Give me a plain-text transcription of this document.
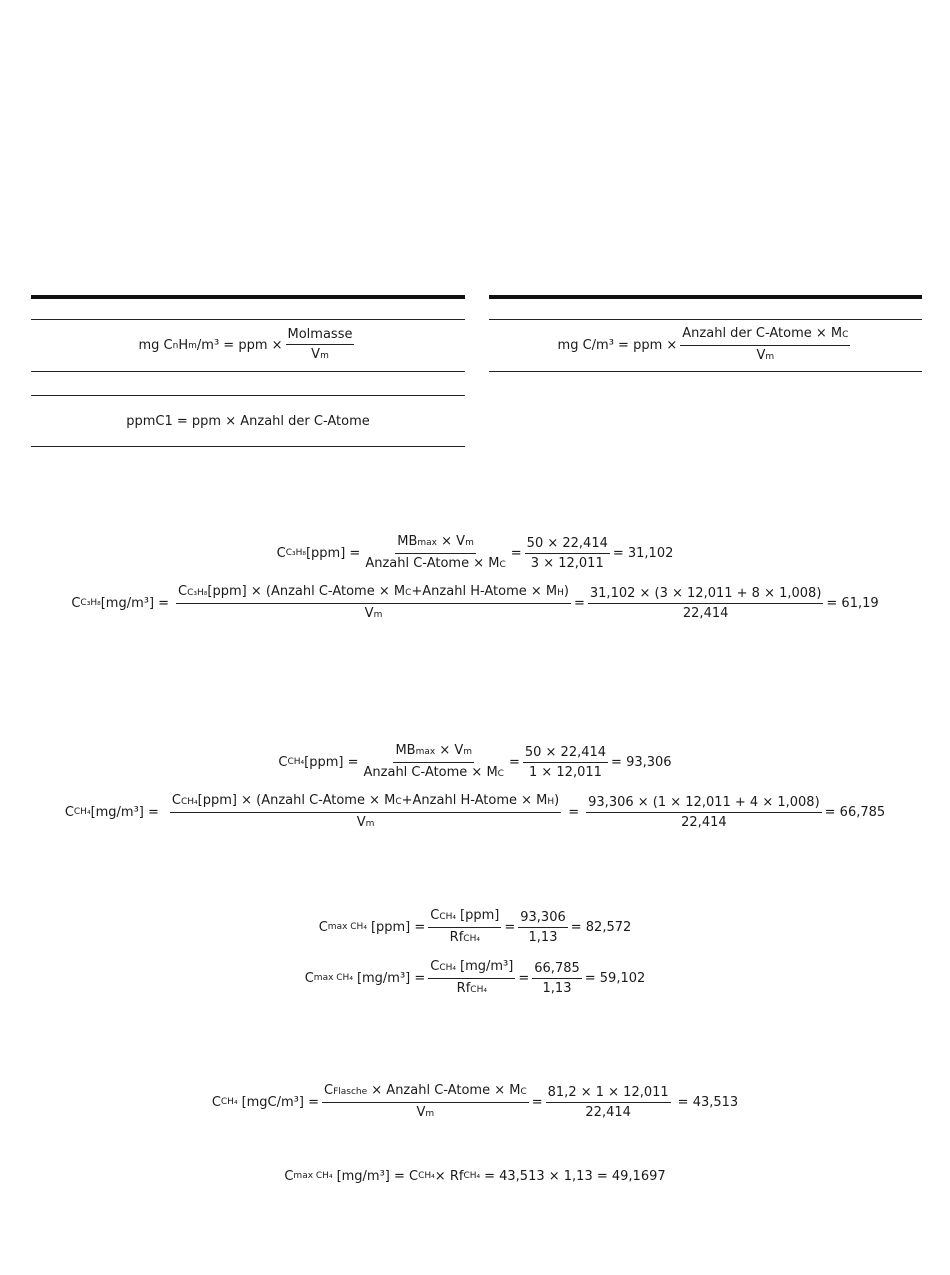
mg C n H m /m³ = ppm × $\frac{\text{Molmasse}}{Vm}$
ppmC1 = ppm × Anzahl der C-Atome
mg C/m³ = ppm × $\frac{\text{Anzahl der C-Atome × MC}}{Vm}$
C C₃H₈ $[ppm] = \frac{MBmax \times Vm}{\text{Anzahl C-Atome × MC}} = \frac{50 \times 22,414}{3 \times 12,011} = 31,102$
C C₃H₈ $[mg/m^3] = \frac{\text{CC₃H₈[ppm] × (Anzahl C-Atome × MC+Anzahl H-Atome × MH)}}{Vm} = \frac{31,102 \times (3 \times 12,011 + 8 \times 1,008)}{22,414} = 61,19$
C CH₄ $[ppm] = \frac{MBmax \times Vm}{\text{Anzahl C-Atome × MC}} = \frac{50 \times 22,414}{1 \times 12,011} = 93,306$
C CH₄ $[mg/m^3] = \frac{\text{CCH₄[ppm] × (Anzahl C-Atome × MC+Anzahl H-Atome × MH)}}{Vm} = \frac{93,306 \times (1 \times 12,011 + 4 \times 1,008)}{22,414} = 66,785$
C max CH₄ $[ppm] = \frac{\text{CCH₄ [ppm]}}{\text{RfCH₄}} = \frac{93,306}{1,13} = 82,572$
C max CH₄ $[mg/m^3] = \frac{\text{CCH₄ [mg/m³]}}{\text{RfCH₄}} = \frac{66,785}{1,13} = 59,102$
C CH₄ $[mgC/m^3] = \frac{\text{CFlasche × Anzahl C-Atome × MC}}{Vm} = \frac{81,2 \times 1 \times 12,011}{22,414} = 43,513$
C max CH₄ [mg/m³] = C CH₄ × Rf CH₄ = 43,513 × 1,13 = 49,1697
